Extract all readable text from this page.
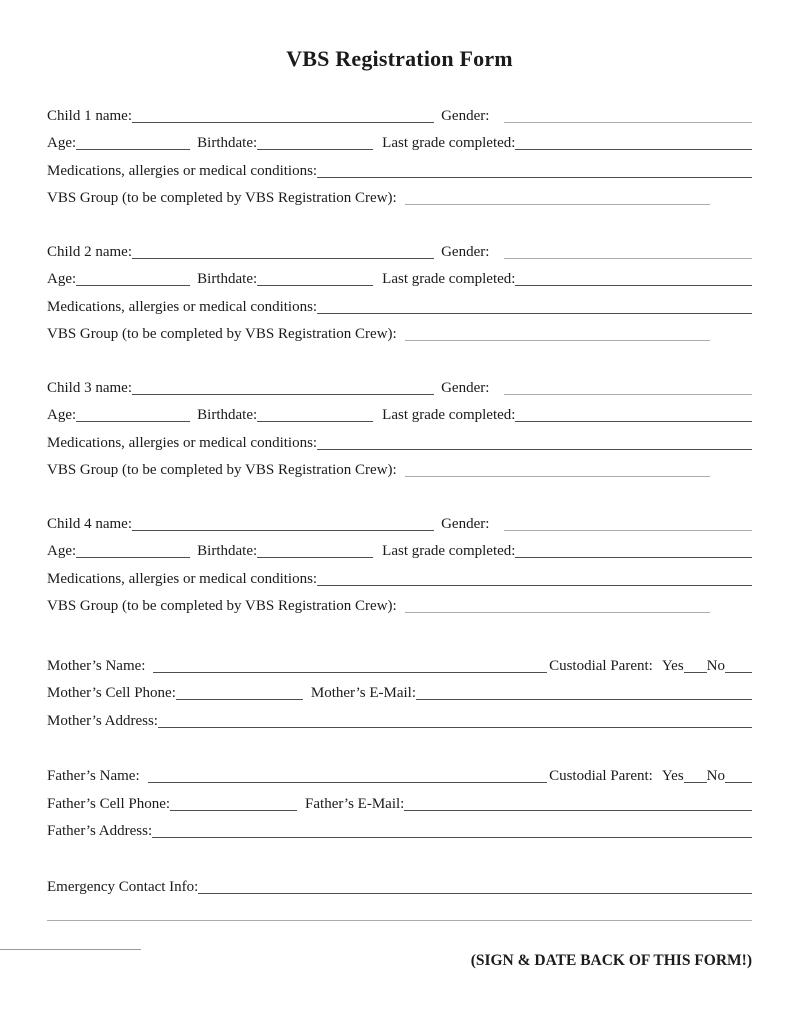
VBS Registration Form
Child 1 name:	Gender:
Age:	Birthdate:	Last grade completed:
Medications, allergies or medical conditions:
VBS Group (to be completed by VBS Registration Crew):
Child 2 name:	Gender:
Age:	Birthdate:	Last grade completed:
Medications, allergies or medical conditions:
VBS Group (to be completed by VBS Registration Crew):
Child 3 name:	Gender:
Age:	Birthdate:	Last grade completed:
Medications, allergies or medical conditions:
VBS Group (to be completed by VBS Registration Crew):
Child 4 name:	Gender:
Age:	Birthdate:	Last grade completed:
Medications, allergies or medical conditions:
VBS Group (to be completed by VBS Registration Crew):
Mother’s Name:	Custodial Parent: Yes No
Mother’s Cell Phone:	Mother’s E-Mail:
Mother’s Address:
Father’s Name:	Custodial Parent: Yes No
Father’s Cell Phone:	Father’s E-Mail:
Father’s Address:
Emergency Contact Info:
(SIGN & DATE BACK OF THIS FORM!)
